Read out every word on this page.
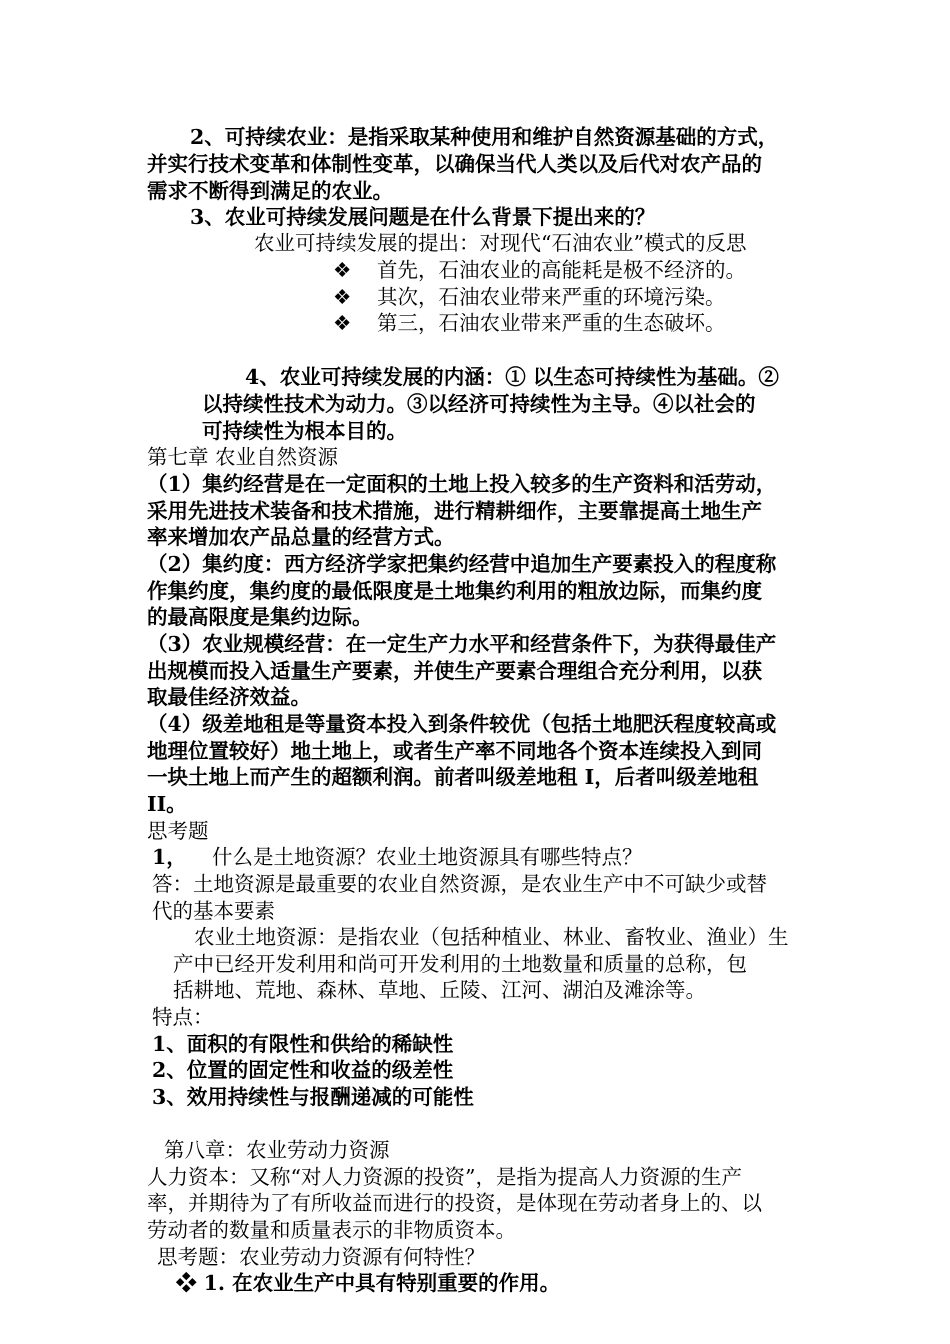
2、可持续农业：是指采取某种使用和维护自然资源基础的方式，
并实行技术变革和体制性变革，以确保当代人类以及后代对农产品的
需求不断得到满足的农业。
3、农业可持续发展问题是在什么背景下提出来的？
农业可持续发展的提出：对现代“石油农业”模式的反思
❖ 首先，石油农业的高能耗是极不经济的。
❖ 其次，石油农业带来严重的环境污染。
❖ 第三，石油农业带来严重的生态破坏。
4、农业可持续发展的内涵：① 以生态可持续性为基础。②
以持续性技术为动力。③以经济可持续性为主导。④以社会的
可持续性为根本目的。
第七章 农业自然资源
（1）集约经营是在一定面积的土地上投入较多的生产资料和活劳动，
采用先进技术装备和技术措施，进行精耕细作，主要靠提高土地生产
率来增加农产品总量的经营方式。
（2）集约度：西方经济学家把集约经营中追加生产要素投入的程度称
作集约度，集约度的最低限度是土地集约利用的粗放边际，而集约度
的最高限度是集约边际。
（3）农业规模经营：在一定生产力水平和经营条件下，为获得最佳产
出规模而投入适量生产要素，并使生产要素合理组合充分利用，以获
取最佳经济效益。
（4）级差地租是等量资本投入到条件较优（包括土地肥沃程度较高或
地理位置较好）地土地上，或者生产率不同地各个资本连续投入到同
一块土地上而产生的超额利润。前者叫级差地租 I，后者叫级差地租
II。
思考题
1， 什么是土地资源？农业土地资源具有哪些特点？
答：土地资源是最重要的农业自然资源，是农业生产中不可缺少或替
代的基本要素
农业土地资源：是指农业（包括种植业、林业、畜牧业、渔业）生
产中已经开发利用和尚可开发利用的土地数量和质量的总称，包
括耕地、荒地、森林、草地、丘陵、江河、湖泊及滩涂等。
特点：
1、面积的有限性和供给的稀缺性
2、位置的固定性和收益的级差性
3、效用持续性与报酬递减的可能性
第八章：农业劳动力资源
人力资本：又称“对人力资源的投资”，是指为提高人力资源的生产
率，并期待为了有所收益而进行的投资，是体现在劳动者身上的、以
劳动者的数量和质量表示的非物质资本。
思考题：农业劳动力资源有何特性？
❖ 1. 在农业生产中具有特别重要的作用。
